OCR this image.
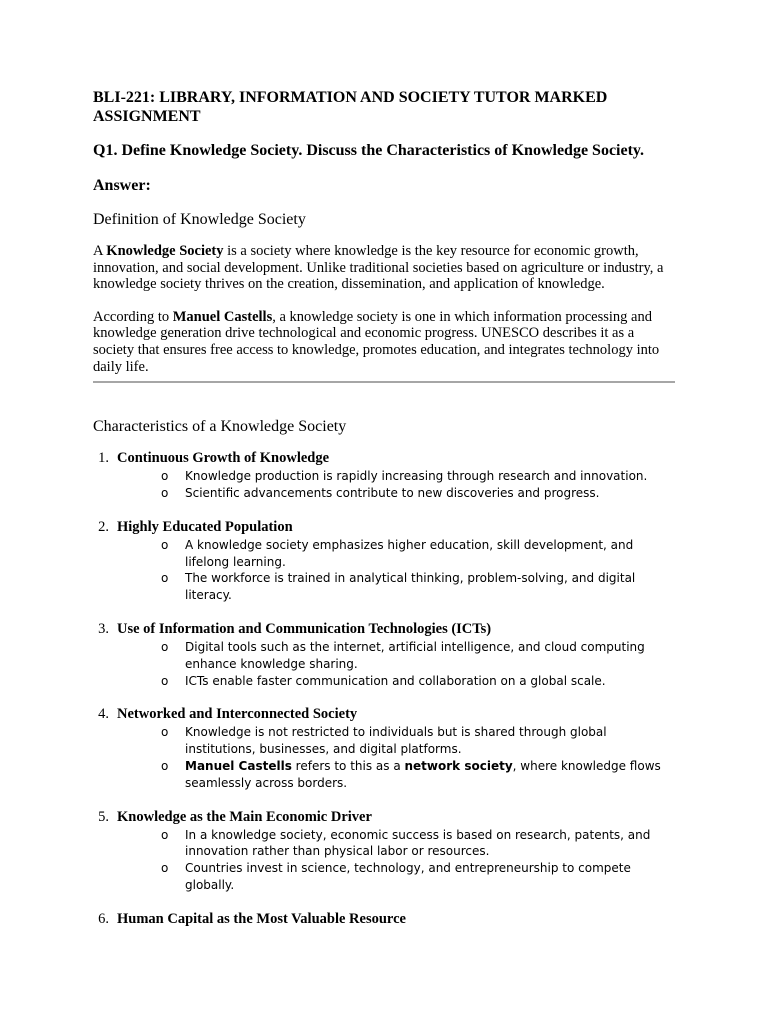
BLI-221: LIBRARY, INFORMATION AND SOCIETY TUTOR MARKED ASSIGNMENT
Q1. Define Knowledge Society. Discuss the Characteristics of Knowledge Society.
Answer:
Definition of Knowledge Society

A Knowledge Society is a society where knowledge is the key resource for economic growth, innovation, and social development. Unlike traditional societies based on agriculture or industry, a knowledge society thrives on the creation, dissemination, and application of knowledge.

According to Manuel Castells, a knowledge society is one in which information processing and knowledge generation drive technological and economic progress. UNESCO describes it as a society that ensures free access to knowledge, promotes education, and integrates technology into daily life.

Characteristics of a Knowledge Society
1. Continuous Growth of Knowledge
o	Knowledge production is rapidly increasing through research and innovation.
o	Scientific advancements contribute to new discoveries and progress.
2. Highly Educated Population
o	A knowledge society emphasizes higher education, skill development, and lifelong learning.
o	The workforce is trained in analytical thinking, problem-solving, and digital literacy.
3. Use of Information and Communication Technologies (ICTs)
o	Digital tools such as the internet, artificial intelligence, and cloud computing enhance knowledge sharing.
o	ICTs enable faster communication and collaboration on a global scale.
4. Networked and Interconnected Society
o	Knowledge is not restricted to individuals but is shared through global institutions, businesses, and digital platforms.
o	Manuel Castells refers to this as a network society, where knowledge flows seamlessly across borders.
5. Knowledge as the Main Economic Driver
o	In a knowledge society, economic success is based on research, patents, and innovation rather than physical labor or resources.
o	Countries invest in science, technology, and entrepreneurship to compete globally.
6. Human Capital as the Most Valuable Resource
